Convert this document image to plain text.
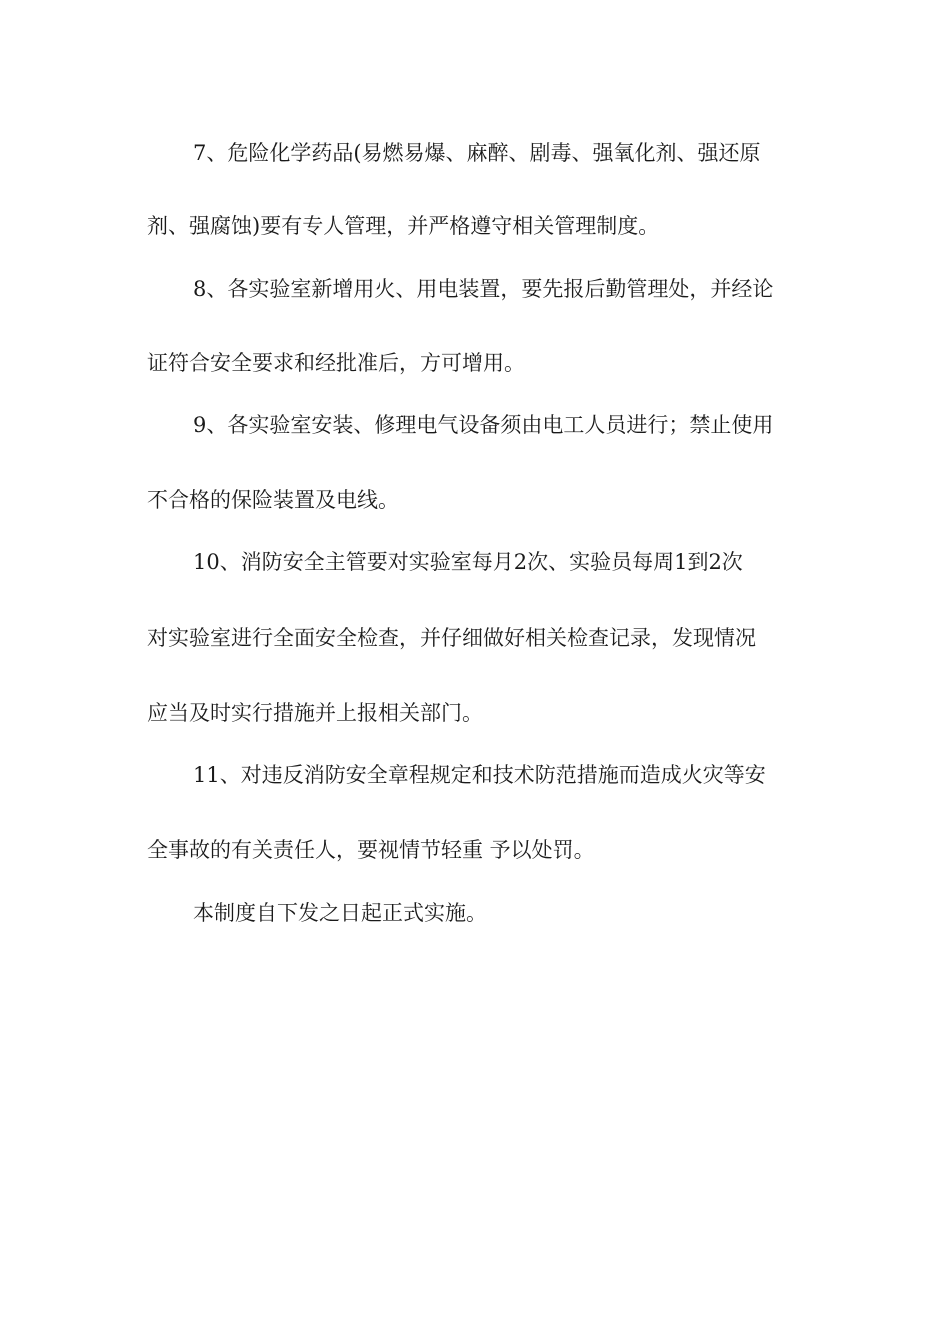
7、危险化学药品(易燃易爆、麻醉、剧毒、强氧化剂、强还原
剂、强腐蚀)要有专人管理，并严格遵守相关管理制度。
8、各实验室新增用火、用电装置，要先报后勤管理处，并经论
证符合安全要求和经批准后，方可增用。
9、各实验室安装、修理电气设备须由电工人员进行；禁止使用
不合格的保险装置及电线。
10、消防安全主管要对实验室每月2次、实验员每周1到2次
对实验室进行全面安全检查，并仔细做好相关检查记录，发现情况
应当及时实行措施并上报相关部门。
11、对违反消防安全章程规定和技术防范措施而造成火灾等安
全事故的有关责任人，要视情节轻重 予以处罚。
本制度自下发之日起正式实施。
